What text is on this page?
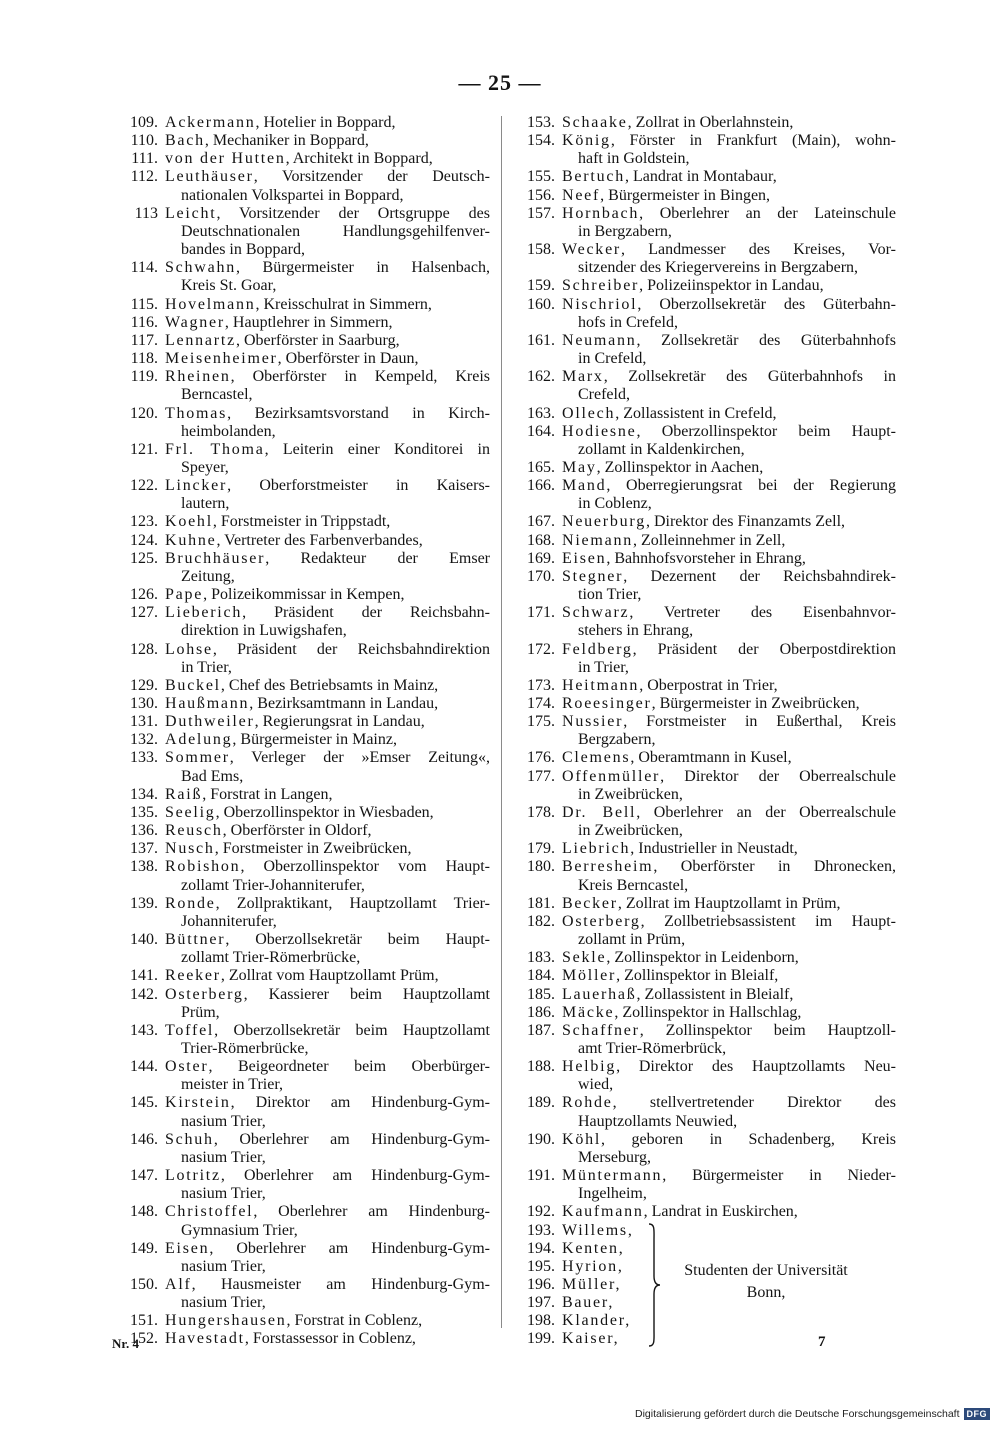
— 25 —
109. Ackermann, Hotelier in Boppard,
110. Bach, Mechaniker in Boppard,
111. von der Hutten, Architekt in Boppard,
112. Leuthäuser, Vorsitzender der Deutsch-
nationalen Volkspartei in Boppard,
113 Leicht, Vorsitzender der Ortsgruppe des
Deutschnationalen Handlungsgehilfenver-
bandes in Boppard,
114. Schwahn, Bürgermeister in Halsenbach,
Kreis St. Goar,
115. Hovelmann, Kreisschulrat in Simmern,
116. Wagner, Hauptlehrer in Simmern,
117. Lennartz, Oberförster in Saarburg,
118. Meisenheimer, Oberförster in Daun,
119. Rheinen, Oberförster in Kempeld, Kreis
Berncastel,
120. Thomas, Bezirksamtsvorstand in Kirch-
heimbolanden,
121. Frl. Thoma, Leiterin einer Konditorei in
Speyer,
122. Lincker, Oberforstmeister in Kaisers-
lautern,
123. Koehl, Forstmeister in Trippstadt,
124. Kuhne, Vertreter des Farbenverbandes,
125. Bruchhäuser, Redakteur der Emser
Zeitung,
126. Pape, Polizeikommissar in Kempen,
127. Lieberich, Präsident der Reichsbahn-
direktion in Luwigshafen,
128. Lohse, Präsident der Reichsbahndirektion
in Trier,
129. Buckel, Chef des Betriebsamts in Mainz,
130. Haußmann, Bezirksamtmann in Landau,
131. Duthweiler, Regierungsrat in Landau,
132. Adelung, Bürgermeister in Mainz,
133. Sommer, Verleger der »Emser Zeitung«,
Bad Ems,
134. Raiß, Forstrat in Langen,
135. Seelig, Oberzollinspektor in Wiesbaden,
136. Reusch, Oberförster in Oldorf,
137. Nusch, Forstmeister in Zweibrücken,
138. Robishon, Oberzollinspektor vom Haupt-
zollamt Trier-Johanniterufer,
139. Ronde, Zollpraktikant, Hauptzollamt Trier-
Johanniterufer,
140. Büttner, Oberzollsekretär beim Haupt-
zollamt Trier-Römerbrücke,
141. Reeker, Zollrat vom Hauptzollamt Prüm,
142. Osterberg, Kassierer beim Hauptzollamt
Prüm,
143. Toffel, Oberzollsekretär beim Hauptzollamt
Trier-Römerbrücke,
144. Oster, Beigeordneter beim Oberbürger-
meister in Trier,
145. Kirstein, Direktor am Hindenburg-Gym-
nasium Trier,
146. Schuh, Oberlehrer am Hindenburg-Gym-
nasium Trier,
147. Lotritz, Oberlehrer am Hindenburg-Gym-
nasium Trier,
148. Christoffel, Oberlehrer am Hindenburg-
Gymnasium Trier,
149. Eisen, Oberlehrer am Hindenburg-Gym-
nasium Trier,
150. Alf, Hausmeister am Hindenburg-Gym-
nasium Trier,
151. Hungershausen, Forstrat in Coblenz,
152. Havestadt, Forstassessor in Coblenz,
153. Schaake, Zollrat in Oberlahnstein,
154. König, Förster in Frankfurt (Main), wohn-
haft in Goldstein,
155. Bertuch, Landrat in Montabaur,
156. Neef, Bürgermeister in Bingen,
157. Hornbach, Oberlehrer an der Lateinschule
in Bergzabern,
158. Wecker, Landmesser des Kreises, Vor-
sitzender des Kriegervereins in Bergzabern,
159. Schreiber, Polizeiinspektor in Landau,
160. Nischriol, Oberzollsekretär des Güterbahn-
hofs in Crefeld,
161. Neumann, Zollsekretär des Güterbahnhofs
in Crefeld,
162. Marx, Zollsekretär des Güterbahnhofs in
Crefeld,
163. Ollech, Zollassistent in Crefeld,
164. Hodiesne, Oberzollinspektor beim Haupt-
zollamt in Kaldenkirchen,
165. May, Zollinspektor in Aachen,
166. Mand, Oberregierungsrat bei der Regierung
in Coblenz,
167. Neuerburg, Direktor des Finanzamts Zell,
168. Niemann, Zolleinnehmer in Zell,
169. Eisen, Bahnhofsvorsteher in Ehrang,
170. Stegner, Dezernent der Reichsbahndirek-
tion Trier,
171. Schwarz, Vertreter des Eisenbahnvor-
stehers in Ehrang,
172. Feldberg, Präsident der Oberpostdirektion
in Trier,
173. Heitmann, Oberpostrat in Trier,
174. Roeesinger, Bürgermeister in Zweibrücken,
175. Nussier, Forstmeister in Eußerthal, Kreis
Bergzabern,
176. Clemens, Oberamtmann in Kusel,
177. Offenmüller, Direktor der Oberrealschule
in Zweibrücken,
178. Dr. Bell, Oberlehrer an der Oberrealschule
in Zweibrücken,
179. Liebrich, Industrieller in Neustadt,
180. Berresheim, Oberförster in Dhronecken,
Kreis Berncastel,
181. Becker, Zollrat im Hauptzollamt in Prüm,
182. Osterberg, Zollbetriebsassistent im Haupt-
zollamt in Prüm,
183. Sekle, Zollinspektor in Leidenborn,
184. Möller, Zollinspektor in Bleialf,
185. Lauerhaß, Zollassistent in Bleialf,
186. Mäcke, Zollinspektor in Hallschlag,
187. Schaffner, Zollinspektor beim Hauptzoll-
amt Trier-Römerbrück,
188. Helbig, Direktor des Hauptzollamts Neu-
wied,
189. Rohde, stellvertretender Direktor des
Hauptzollamts Neuwied,
190. Köhl, geboren in Schadenberg, Kreis
Merseburg,
191. Müntermann, Bürgermeister in Nieder-
Ingelheim,
192. Kaufmann, Landrat in Euskirchen,
193. Willems,
194. Kenten,
195. Hyrion,
196. Müller,
197. Bauer,
198. Klander,
199. Kaiser,
Studenten der Universität
Bonn,
Nr. 4	7
Digitalisierung gefördert durch die Deutsche Forschungsgemeinschaft DFG
